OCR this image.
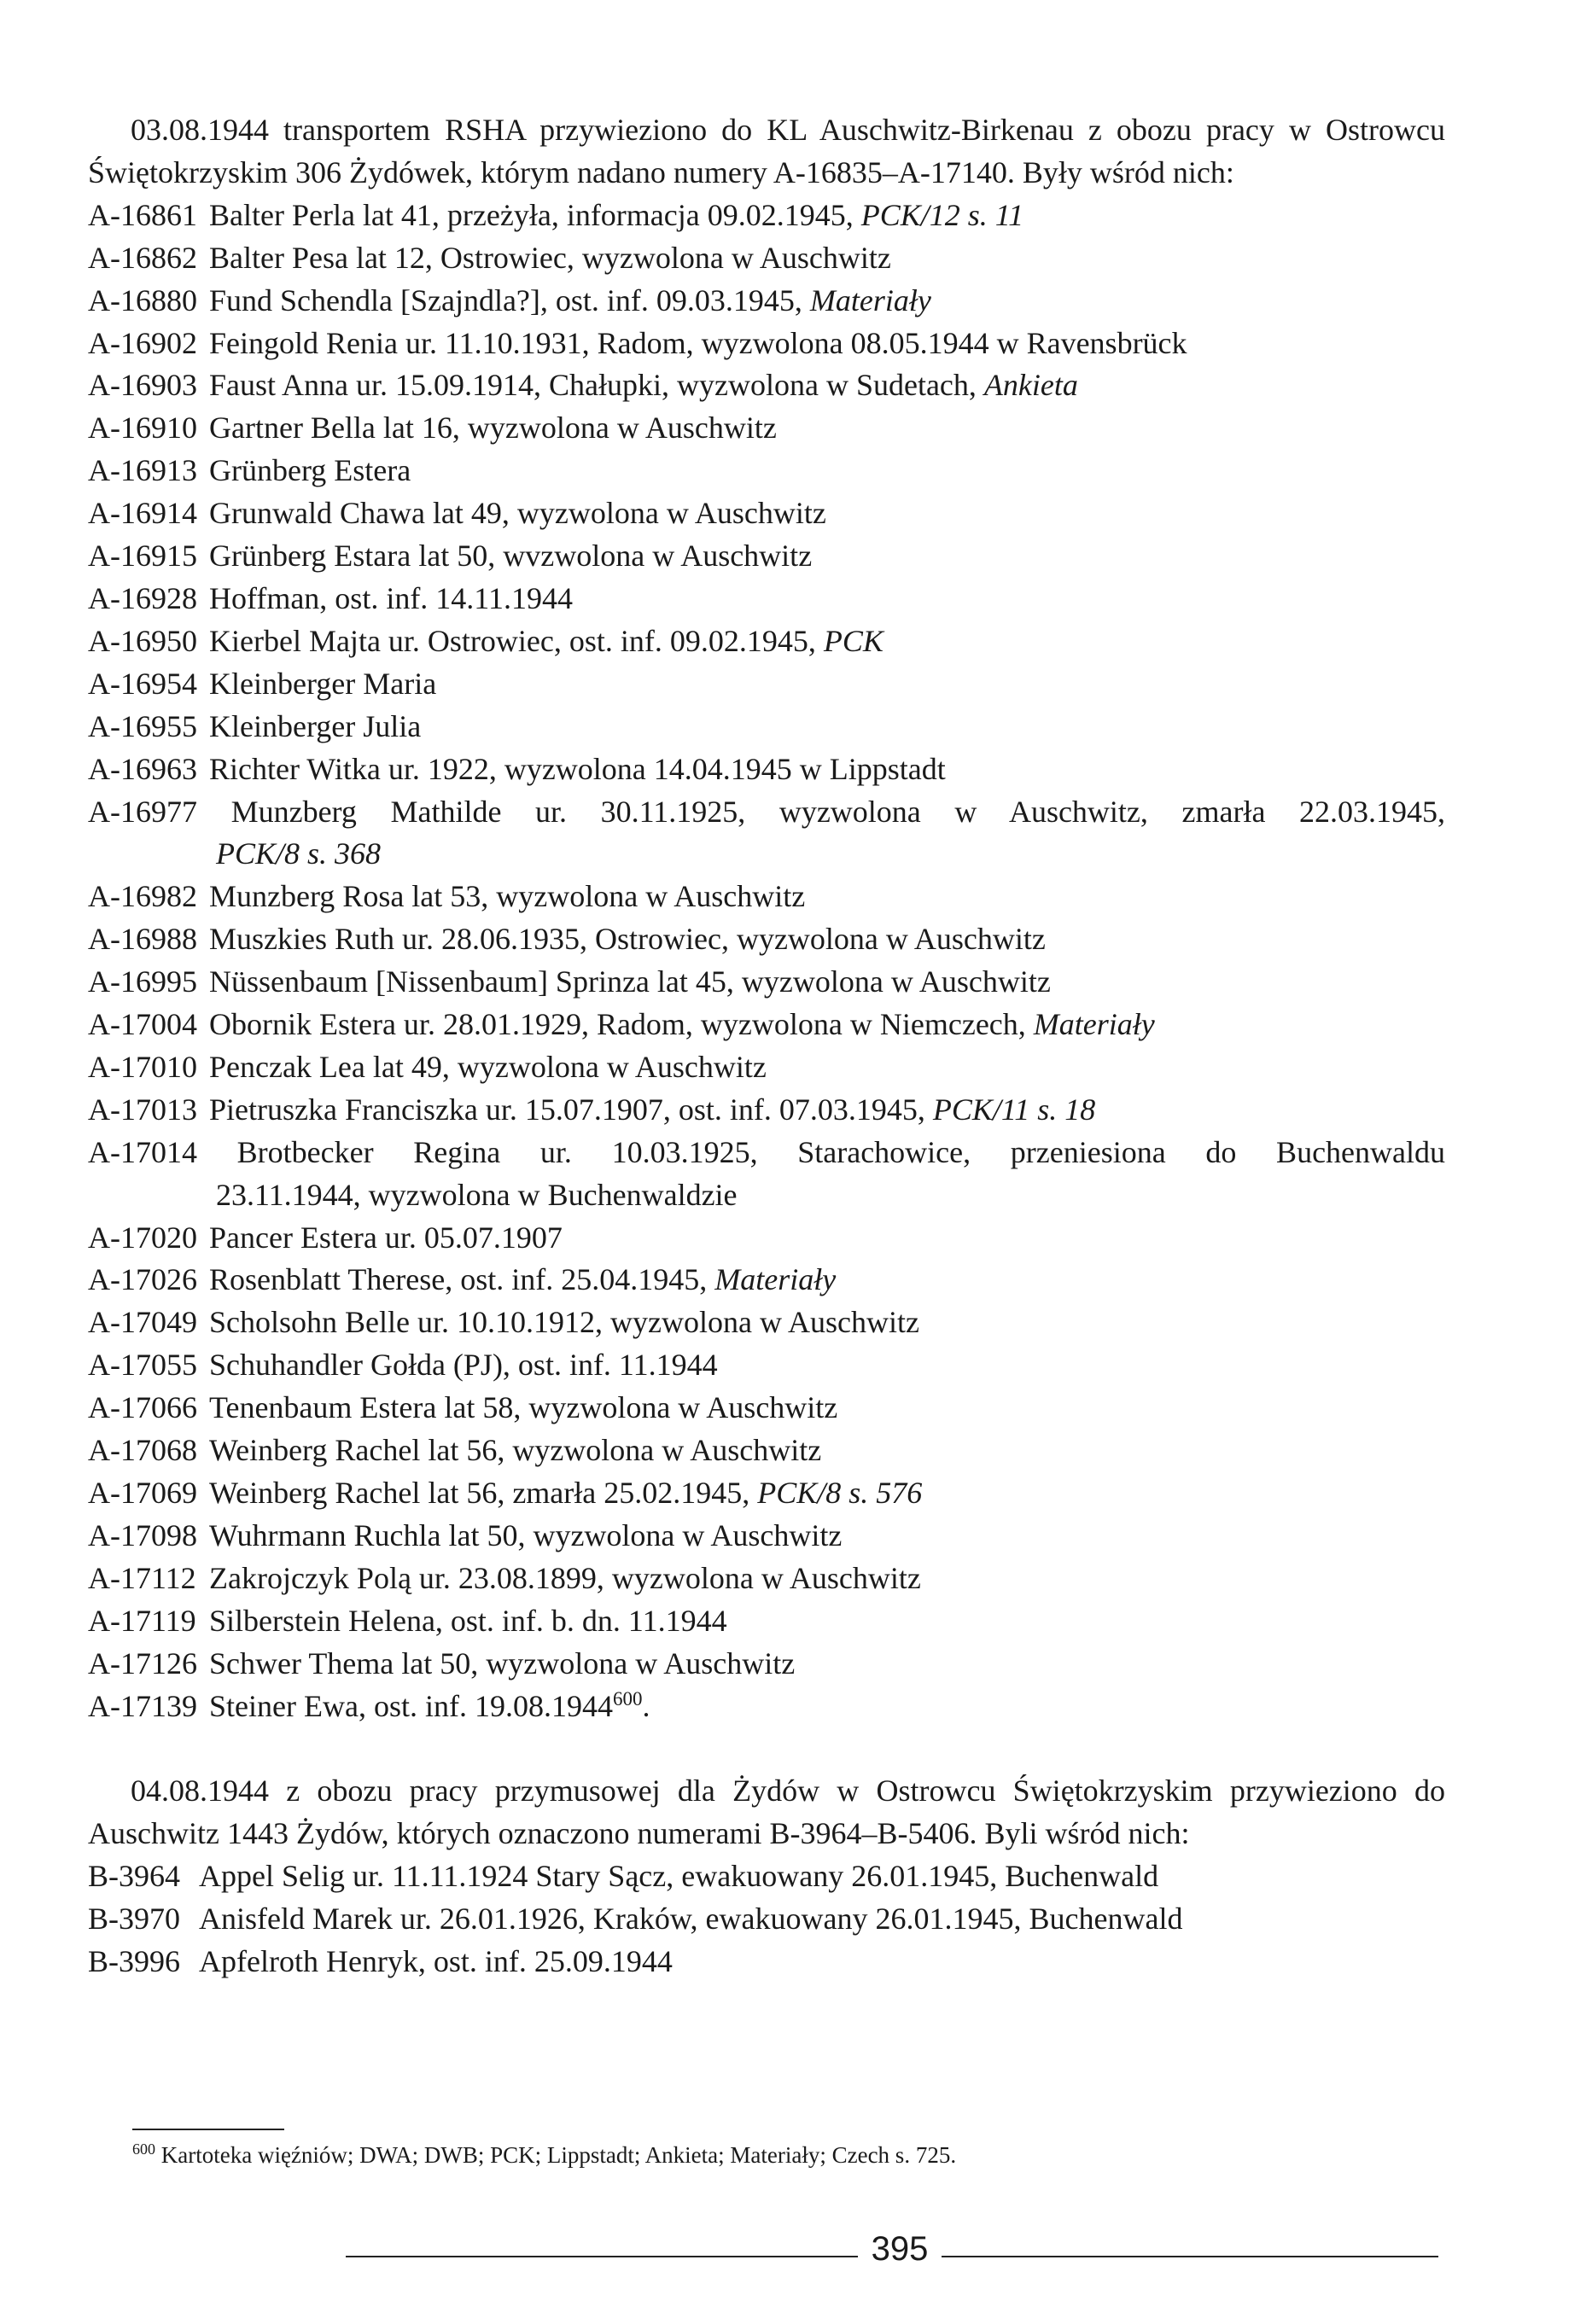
03.08.1944 transportem RSHA przywieziono do KL Auschwitz-Birkenau z obozu pracy w Ostrowcu Świętokrzyskim 306 Żydówek, którym nadano numery A-16835–A-17140. Były wśród nich:

A-16861 Balter Perla lat 41, przeżyła, informacja 09.02.1945, PCK/12 s. 11
A-16862 Balter Pesa lat 12, Ostrowiec, wyzwolona w Auschwitz
A-16880 Fund Schendla [Szajndla?], ost. inf. 09.03.1945, Materiały
A-16902 Feingold Renia ur. 11.10.1931, Radom, wyzwolona 08.05.1944 w Ravensbrück
A-16903 Faust Anna ur. 15.09.1914, Chałupki, wyzwolona w Sudetach, Ankieta
A-16910 Gartner Bella lat 16, wyzwolona w Auschwitz
A-16913 Grünberg Estera
A-16914 Grunwald Chawa lat 49, wyzwolona w Auschwitz
A-16915 Grünberg Estara lat 50, wvzwolona w Auschwitz
A-16928 Hoffman, ost. inf. 14.11.1944
A-16950 Kierbel Majta ur. Ostrowiec, ost. inf. 09.02.1945, PCK
A-16954 Kleinberger Maria
A-16955 Kleinberger Julia
A-16963 Richter Witka ur. 1922, wyzwolona 14.04.1945 w Lippstadt
A-16977 Munzberg Mathilde ur. 30.11.1925, wyzwolona w Auschwitz, zmarła 22.03.1945,
PCK/8 s. 368
A-16982 Munzberg Rosa lat 53, wyzwolona w Auschwitz
A-16988 Muszkies Ruth ur. 28.06.1935, Ostrowiec, wyzwolona w Auschwitz
A-16995 Nüssenbaum [Nissenbaum] Sprinza lat 45, wyzwolona w Auschwitz
A-17004 Obornik Estera ur. 28.01.1929, Radom, wyzwolona w Niemczech, Materiały
A-17010 Penczak Lea lat 49, wyzwolona w Auschwitz
A-17013 Pietruszka Franciszka ur. 15.07.1907, ost. inf. 07.03.1945, PCK/11 s. 18
A-17014 Brotbecker Regina ur. 10.03.1925, Starachowice, przeniesiona do Buchenwaldu
23.11.1944, wyzwolona w Buchenwaldzie
A-17020 Pancer Estera ur. 05.07.1907
A-17026 Rosenblatt Therese, ost. inf. 25.04.1945, Materiały
A-17049 Scholsohn Belle ur. 10.10.1912, wyzwolona w Auschwitz
A-17055 Schuhandler Gołda (PJ), ost. inf. 11.1944
A-17066 Tenenbaum Estera lat 58, wyzwolona w Auschwitz
A-17068 Weinberg Rachel lat 56, wyzwolona w Auschwitz
A-17069 Weinberg Rachel lat 56, zmarła 25.02.1945, PCK/8 s. 576
A-17098 Wuhrmann Ruchla lat 50, wyzwolona w Auschwitz
A-17112 Zakrojczyk Polą ur. 23.08.1899, wyzwolona w Auschwitz
A-17119 Silberstein Helena, ost. inf. b. dn. 11.1944
A-17126 Schwer Thema lat 50, wyzwolona w Auschwitz
A-17139 Steiner Ewa, ost. inf. 19.08.1944$^{600}$.

04.08.1944 z obozu pracy przymusowej dla Żydów w Ostrowcu Świętokrzyskim przywieziono do Auschwitz 1443 Żydów, których oznaczono numerami B-3964–B-5406. Byli wśród nich:

B-3964 Appel Selig ur. 11.11.1924 Stary Sącz, ewakuowany 26.01.1945, Buchenwald
B-3970 Anisfeld Marek ur. 26.01.1926, Kraków, ewakuowany 26.01.1945, Buchenwald
B-3996 Apfelroth Henryk, ost. inf. 25.09.1944
$^{600}$ Kartoteka więźniów; DWA; DWB; PCK; Lippstadt; Ankieta; Materiały; Czech s. 725.
395
